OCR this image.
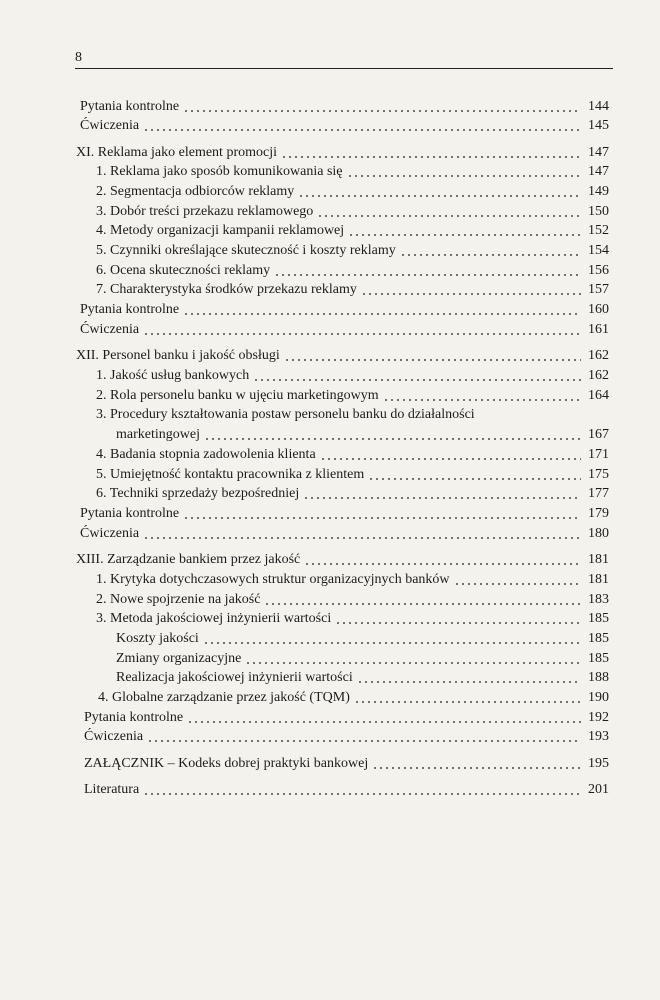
8
Pytania kontrolne	144
Ćwiczenia	145
XI. Reklama jako element promocji	147
1. Reklama jako sposób komunikowania się	147
2. Segmentacja odbiorców reklamy	149
3. Dobór treści przekazu reklamowego	150
4. Metody organizacji kampanii reklamowej	152
5. Czynniki określające skuteczność i koszty reklamy	154
6. Ocena skuteczności reklamy	156
7. Charakterystyka środków przekazu reklamy	157
Pytania kontrolne	160
Ćwiczenia	161
XII. Personel banku i jakość obsługi	162
1. Jakość usług bankowych	162
2. Rola personelu banku w ujęciu marketingowym	164
3. Procedury kształtowania postaw personelu banku do działalności
marketingowej	167
4. Badania stopnia zadowolenia klienta	171
5. Umiejętność kontaktu pracownika z klientem	175
6. Techniki sprzedaży bezpośredniej	177
Pytania kontrolne	179
Ćwiczenia	180
XIII. Zarządzanie bankiem przez jakość	181
1. Krytyka dotychczasowych struktur organizacyjnych banków	181
2. Nowe spojrzenie na jakość	183
3. Metoda jakościowej inżynierii wartości	185
Koszty jakości	185
Zmiany organizacyjne	185
Realizacja jakościowej inżynierii wartości	188
4. Globalne zarządzanie przez jakość (TQM)	190
Pytania kontrolne	192
Ćwiczenia	193
ZAŁĄCZNIK – Kodeks dobrej praktyki bankowej	195
Literatura	201
